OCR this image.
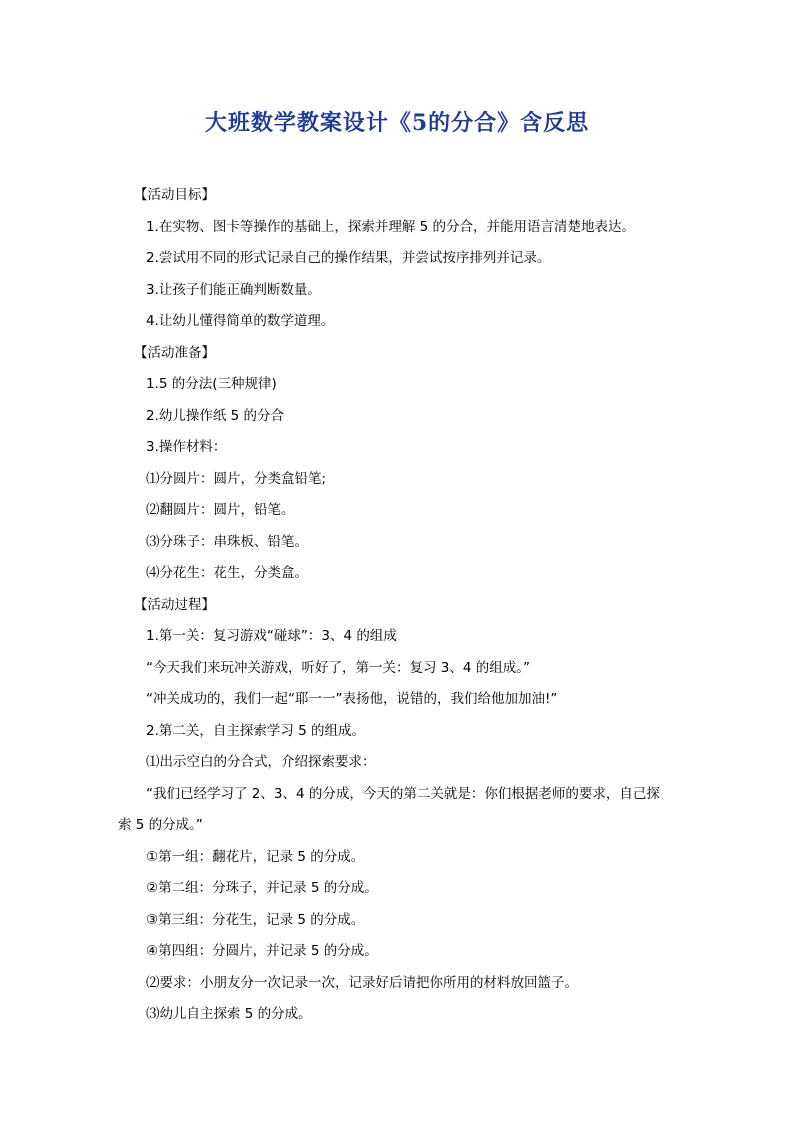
大班数学教案设计《5的分合》含反思
【活动目标】
1.在实物、图卡等操作的基础上，探索并理解 5 的分合，并能用语言清楚地表达。
2.尝试用不同的形式记录自己的操作结果，并尝试按序排列并记录。
3.让孩子们能正确判断数量。
4.让幼儿懂得简单的数学道理。
【活动准备】
1.5 的分法(三种规律)
2.幼儿操作纸 5 的分合
3.操作材料：
⑴分圆片：圆片，分类盒铅笔;
⑵翻圆片：圆片，铅笔。
⑶分珠子：串珠板、铅笔。
⑷分花生：花生，分类盒。
【活动过程】
1.第一关：复习游戏“碰球”：3、4 的组成
“今天我们来玩冲关游戏，听好了，第一关：复习 3、4 的组成。”
“冲关成功的，我们一起“耶一一”表扬他，说错的，我们给他加加油!”
2.第二关，自主探索学习 5 的组成。
⑴出示空白的分合式，介绍探索要求：
“我们已经学习了 2、3、4 的分成，今天的第二关就是：你们根据老师的要求，自己探
索 5 的分成。”
①第一组：翻花片，记录 5 的分成。
②第二组：分珠子，并记录 5 的分成。
③第三组：分花生，记录 5 的分成。
④第四组：分圆片，并记录 5 的分成。
⑵要求：小朋友分一次记录一次，记录好后请把你所用的材料放回篮子。
⑶幼儿自主探索 5 的分成。
